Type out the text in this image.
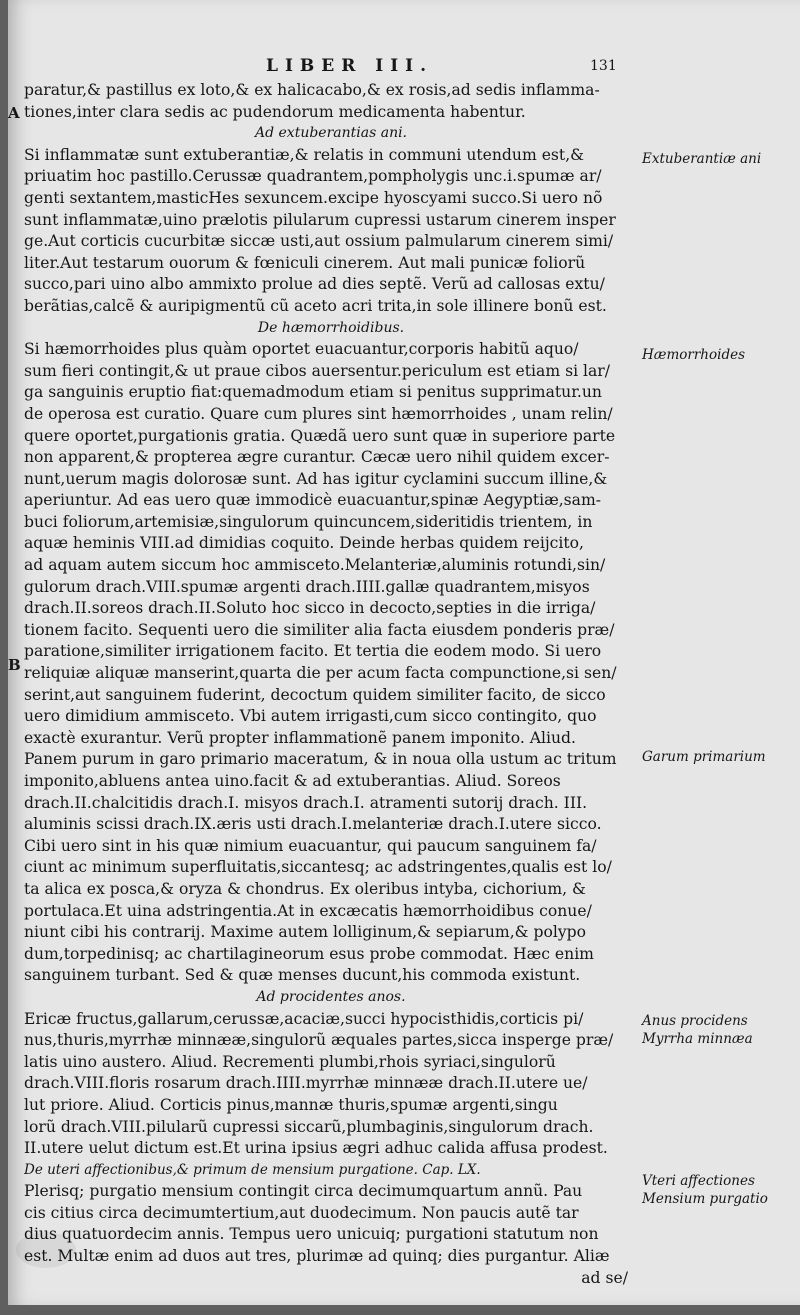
LIBER III.	131
A
B
paratur,& pastillus ex loto,& ex halicacabo,& ex rosis,ad sedis inflamma-
tiones,inter clara sedis ac pudendorum medicamenta habentur.
Ad extuberantias ani.
Si inflammatæ sunt extuberantiæ,& relatis in communi utendum est,&
priuatim hoc pastillo.Cerussæ quadrantem,pompholygis unc.i.spumæ ar/
genti sextantem,masticHes sexuncem.excipe hyoscyami succo.Si uero nõ
sunt inflammatæ,uino prælotis pilularum cupressi ustarum cinerem insper
ge.Aut corticis cucurbitæ siccæ usti,aut ossium palmularum cinerem simi/
liter.Aut testarum ouorum & fœniculi cinerem. Aut mali punicæ foliorũ
succo,pari uino albo ammixto prolue ad dies septẽ. Verũ ad callosas extu/
berãtias,calcẽ & auripigmentũ cũ aceto acri trita,in sole illinere bonũ est.
De hæmorrhoidibus.
Si hæmorrhoides plus quàm oportet euacuantur,corporis habitũ aquo/
sum fieri contingit,& ut praue cibos auersentur.periculum est etiam si lar/
ga sanguinis eruptio fiat:quemadmodum etiam si penitus supprimatur.un
de operosa est curatio. Quare cum plures sint hæmorrhoides , unam relin/
quere oportet,purgationis gratia. Quædã uero sunt quæ in superiore parte
non apparent,& propterea ægre curantur. Cæcæ uero nihil quidem excer-
nunt,uerum magis dolorosæ sunt. Ad has igitur cyclamini succum illine,&
aperiuntur. Ad eas uero quæ immodicè euacuantur,spinæ Aegyptiæ,sam-
buci foliorum,artemisiæ,singulorum quincuncem,sideritidis trientem, in
aquæ heminis VIII.ad dimidias coquito. Deinde herbas quidem reijcito,
ad aquam autem siccum hoc ammisceto.Melanteriæ,aluminis rotundi,sin/
gulorum drach.VIII.spumæ argenti drach.IIII.gallæ quadrantem,misyos
drach.II.soreos drach.II.Soluto hoc sicco in decocto,septies in die irriga/
tionem facito. Sequenti uero die similiter alia facta eiusdem ponderis præ/
paratione,similiter irrigationem facito. Et tertia die eodem modo. Si uero
reliquiæ aliquæ manserint,quarta die per acum facta compunctione,si sen/
serint,aut sanguinem fuderint, decoctum quidem similiter facito, de sicco
uero dimidium ammisceto. Vbi autem irrigasti,cum sicco contingito, quo
exactè exurantur. Verũ propter inflammationẽ panem imponito. Aliud.
Panem purum in garo primario maceratum, & in noua olla ustum ac tritum
imponito,abluens antea uino.facit & ad extuberantias. Aliud. Soreos
drach.II.chalcitidis drach.I. misyos drach.I. atramenti sutorij drach. III.
aluminis scissi drach.IX.æris usti drach.I.melanteriæ drach.I.utere sicco.
Cibi uero sint in his quæ nimium euacuantur, qui paucum sanguinem fa/
ciunt ac minimum superfluitatis,siccantesq; ac adstringentes,qualis est lo/
ta alica ex posca,& oryza & chondrus. Ex oleribus intyba, cichorium, &
portulaca.Et uina adstringentia.At in excæcatis hæmorrhoidibus conue/
niunt cibi his contrarij. Maxime autem lolliginum,& sepiarum,& polypo
dum,torpedinisq; ac chartilagineorum esus probe commodat. Hæc enim
sanguinem turbant. Sed & quæ menses ducunt,his commoda existunt.
Ad procidentes anos.
Ericæ fructus,gallarum,cerussæ,acaciæ,succi hypocisthidis,corticis pi/
nus,thuris,myrrhæ minnææ,singulorũ æquales partes,sicca insperge præ/
latis uino austero. Aliud. Recrementi plumbi,rhois syriaci,singulorũ
drach.VIII.floris rosarum drach.IIII.myrrhæ minnææ drach.II.utere ue/
lut priore. Aliud. Corticis pinus,mannæ thuris,spumæ argenti,singu
lorũ drach.VIII.pilularũ cupressi siccarũ,plumbaginis,singulorum drach.
II.utere uelut dictum est.Et urina ipsius ægri adhuc calida affusa prodest.
De uteri affectionibus,& primum de mensium purgatione. Cap. LX.
Plerisq; purgatio mensium contingit circa decimumquartum annũ. Pau
cis citius circa decimumtertium,aut duodecimum. Non paucis autẽ tar
dius quatuordecim annis. Tempus uero unicuiq; purgationi statutum non
est. Multæ enim ad duos aut tres, plurimæ ad quinq; dies purgantur. Aliæ
ad se/
Extuberantiæ ani
Hæmorrhoides
Garum primarium
Anus procidens Myrrha minnæa
Vteri affectiones Mensium purgatio
